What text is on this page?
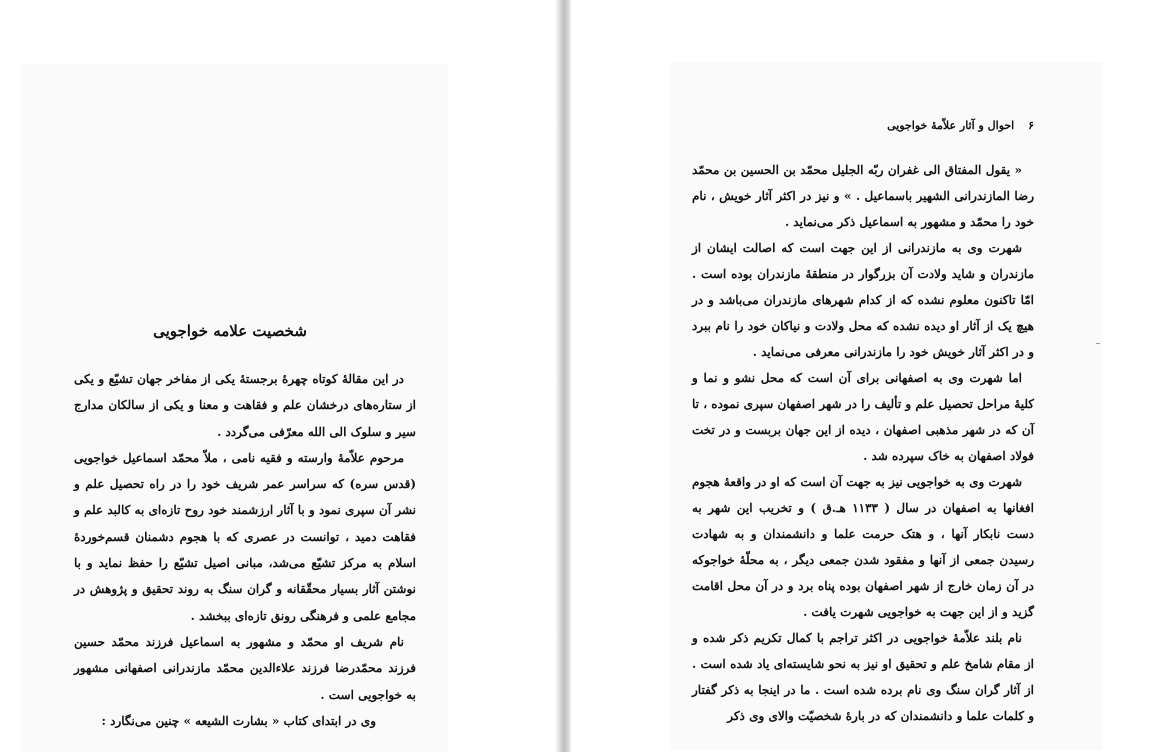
شخصیت علامه خواجویی

در این مقالهٔ کوتاه چهرهٔ برجستهٔ یکی از مفاخر جهان تشیّع و یکی از ستاره‌های درخشان علم و فقاهت و معنا و یکی از سالکان مدارج سیر و سلوک الی الله معرّفی می‌گردد .

مرحوم علاّمهٔ وارسته و فقیه نامی ، ملاّ محمّد اسماعیل خواجویی (قدس سره) که سراسر عمر شریف خود را در راه تحصیل علم و نشر آن سپری نمود و با آثار ارزشمند خود روح تازه‌ای به کالبد علم و فقاهت دمید ، توانست در عصری که با هجوم دشمنان قسم‌خوردهٔ اسلام به مرکز تشیّع می‌شد، مبانی اصیل تشیّع را حفظ نماید و با نوشتن آثار بسیار محقّقانه و گران سنگ به روند تحقیق و پژوهش در مجامع علمی و فرهنگی رونق تازه‌ای ببخشد .

نام شریف او محمّد و مشهور به اسماعیل فرزند محمّد حسین فرزند محمّدرضا فرزند علاءالدین محمّد مازندرانی اصفهانی مشهور به خواجویی است .

وی در ابتدای کتاب « بشارت الشیعه » چنین می‌نگارد :

۶ احوال و آثار علاّمهٔ خواجویی

« یقول المفتاق الی غفران ربّه الجلیل محمّد بن الحسین بن محمّد رضا المازندرانی الشهیر باسماعیل . » و نیز در اکثر آثار خویش ، نام خود را محمّد و مشهور به اسماعیل ذکر می‌نماید .

شهرت وی به مازندرانی از این جهت است که اصالت ایشان از مازندران و شاید ولادت آن بزرگوار در منطقهٔ مازندران بوده است . امّا تاکنون معلوم نشده که از کدام شهرهای مازندران می‌باشد و در هیچ یک از آثار او دیده نشده که محل ولادت و نیاکان خود را نام ببرد و در اکثر آثار خویش خود را مازندرانی معرفی می‌نماید .

اما شهرت وی به اصفهانی برای آن است که محل نشو و نما و کلیهٔ مراحل تحصیل علم و تألیف را در شهر اصفهان سپری نموده ، تا آن که در شهر مذهبی اصفهان ، دیده از این جهان بربست و در تخت فولاد اصفهان به خاک سپرده شد .

شهرت وی به خواجویی نیز به جهت آن است که او در واقعهٔ هجوم افغانها به اصفهان در سال ( ۱۱۳۳ هـ.ق ) و تخریب این شهر به دست نابکار آنها ، و هتک حرمت علما و دانشمندان و به شهادت رسیدن جمعی از آنها و مفقود شدن جمعی دیگر ، به محلّهٔ خواجوکه در آن زمان خارج از شهر اصفهان بوده پناه برد و در آن محل اقامت گزید و از این جهت به خواجویی شهرت یافت .

نام بلند علاّمهٔ خواجویی در اکثر تراجم با کمال تکریم ذکر شده و از مقام شامخ علم و تحقیق او نیز به نحو شایسته‌ای یاد شده است . از آثار گران سنگ وی نام برده شده است . ما در اینجا به ذکر گفتار و کلمات علما و دانشمندان که در بارهٔ شخصیّت والای وی ذکر
